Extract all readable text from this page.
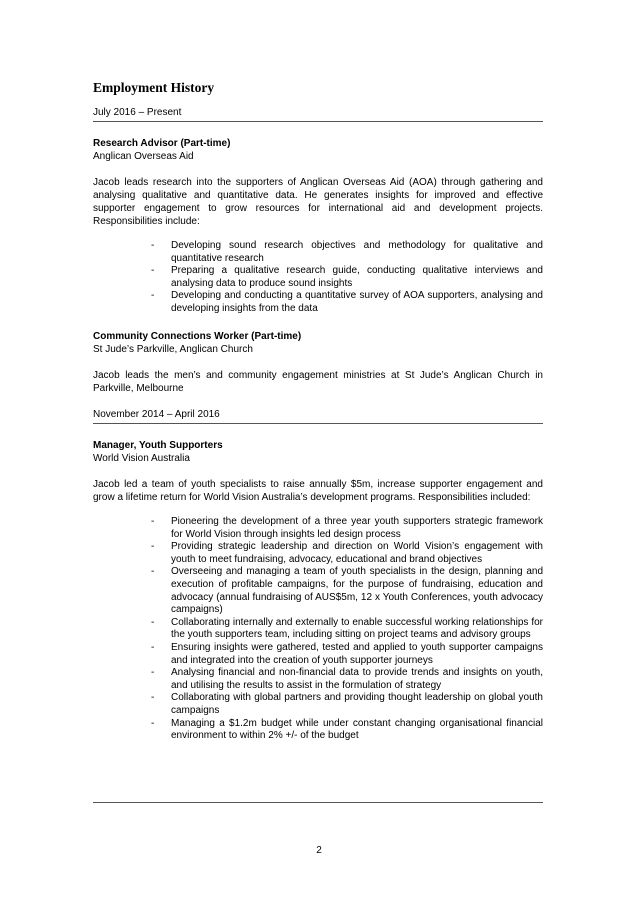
Employment History
July 2016 – Present
Research Advisor (Part-time)
Anglican Overseas Aid
Jacob leads research into the supporters of Anglican Overseas Aid (AOA) through gathering and analysing qualitative and quantitative data. He generates insights for improved and effective supporter engagement to grow resources for international aid and development projects. Responsibilities include:
- Developing sound research objectives and methodology for qualitative and quantitative research
- Preparing a qualitative research guide, conducting qualitative interviews and analysing data to produce sound insights
- Developing and conducting a quantitative survey of AOA supporters, analysing and developing insights from the data
Community Connections Worker (Part-time)
St Jude’s Parkville, Anglican Church
Jacob leads the men’s and community engagement ministries at St Jude’s Anglican Church in Parkville, Melbourne
November 2014 – April 2016
Manager, Youth Supporters
World Vision Australia
Jacob led a team of youth specialists to raise annually $5m, increase supporter engagement and grow a lifetime return for World Vision Australia’s development programs. Responsibilities included:
- Pioneering the development of a three year youth supporters strategic framework for World Vision through insights led design process
- Providing strategic leadership and direction on World Vision’s engagement with youth to meet fundraising, advocacy, educational and brand objectives
- Overseeing and managing a team of youth specialists in the design, planning and execution of profitable campaigns, for the purpose of fundraising, education and advocacy (annual fundraising of AUS$5m, 12 x Youth Conferences, youth advocacy campaigns)
- Collaborating internally and externally to enable successful working relationships for the youth supporters team, including sitting on project teams and advisory groups
- Ensuring insights were gathered, tested and applied to youth supporter campaigns and integrated into the creation of youth supporter journeys
- Analysing financial and non-financial data to provide trends and insights on youth, and utilising the results to assist in the formulation of strategy
- Collaborating with global partners and providing thought leadership on global youth campaigns
- Managing a $1.2m budget while under constant changing organisational financial environment to within 2% +/- of the budget
2
